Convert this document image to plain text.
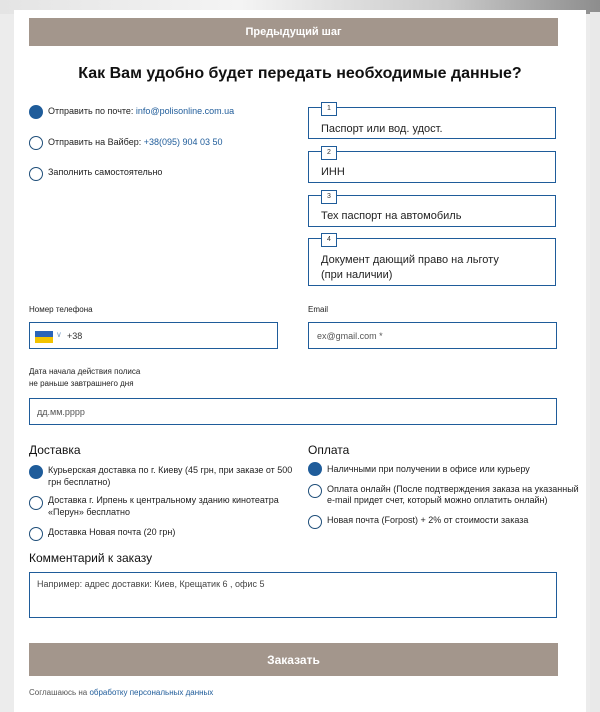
Предыдущий шаг
Как Вам удобно будет передать необходимые данные?
Отправить по почте: info@polisonline.com.ua
Отправить на Вайбер: +38(095) 904 03 50
Заполнить самостоятельно
1
Паспорт или вод. удост.
2
ИНН
3
Тех паспорт на автомобиль
4
Документ дающий право на льготу
(при наличии)
Номер телефона
∨ +38
Email
ex@gmail.com *
Дата начала действия полиса
не раньше завтрашнего дня
дд.мм.рррр
Доставка
Курьерская доставка по г. Киеву (45 грн, при заказе от 500
грн бесплатно)
Доставка г. Ирпень к центральному зданию кинотеатра
«Перун» бесплатно
Доставка Новая почта (20 грн)
Оплата
Наличными при получении в офисе или курьеру
Оплата онлайн (После подтверждения заказа на указанный
e-mail придет счет, который можно оплатить онлайн)
Новая почта (Forpost) + 2% от стоимости заказа
Комментарий к заказу
Например: адрес доставки: Киев, Крещатик 6 , офис 5
Заказать
Соглашаюсь на обработку персональных данных
